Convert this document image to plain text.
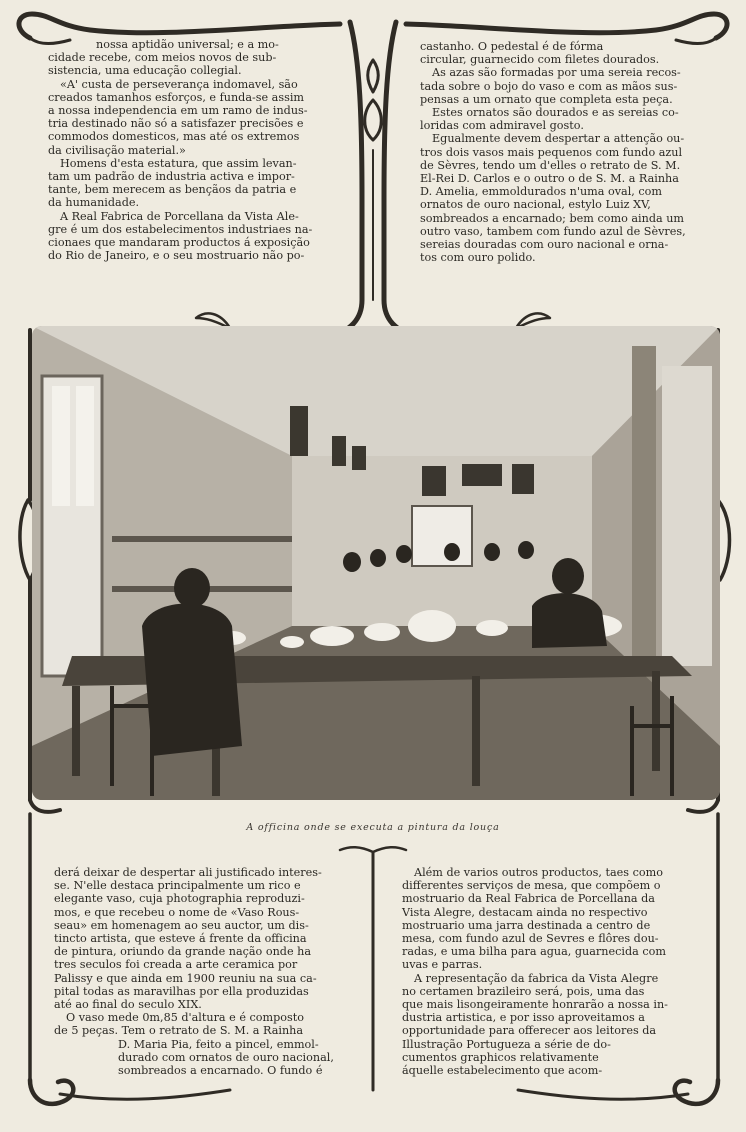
nossa aptidão universal; e a mo-
cidade recebe, com meios novos de sub-
sistencia, uma educação collegial.
«A' custa de perseverança indomavel, são
creados tamanhos esforços, e funda-se assim
a nossa independencia em um ramo de indus-
tria destinado não só a satisfazer precisões e
commodos domesticos, mas até os extremos
da civilisação material.»
Homens d'esta estatura, que assim levan-
tam um padrão de industria activa e impor-
tante, bem merecem as bençãos da patria e
da humanidade.
A Real Fabrica de Porcellana da Vista Ale-
gre é um dos estabelecimentos industriaes na-
cionaes que mandaram productos á exposição
do Rio de Janeiro, e o seu mostruario não po-
castanho. O pedestal é de fórma
circular, guarnecido com filetes dourados.
As azas são formadas por uma sereia recos-
tada sobre o bojo do vaso e com as mãos sus-
pensas a um ornato que completa esta peça.
Estes ornatos são dourados e as sereias co-
loridas com admiravel gosto.
Egualmente devem despertar a attenção ou-
tros dois vasos mais pequenos com fundo azul
de Sèvres, tendo um d'elles o retrato de S. M.
El-Rei D. Carlos e o outro o de S. M. a Rainha
D. Amelia, emmoldurados n'uma oval, com
ornatos de ouro nacional, estylo Luiz XV,
sombreados a encarnado; bem como ainda um
outro vaso, tambem com fundo azul de Sèvres,
sereias douradas com ouro nacional e orna-
tos com ouro polido.
A officina onde se executa a pintura da louça
derá deixar de despertar ali justificado interes-
se. N'elle destaca principalmente um rico e
elegante vaso, cuja photographia reproduzi-
mos, e que recebeu o nome de «Vaso Rous-
seau» em homenagem ao seu auctor, um dis-
tincto artista, que esteve á frente da officina
de pintura, oriundo da grande nação onde ha
tres seculos foi creada a arte ceramica por
Palissy e que ainda em 1900 reuniu na sua ca-
pital todas as maravilhas por ella produzidas
até ao final do seculo XIX.
O vaso mede 0m,85 d'altura e é composto
de 5 peças. Tem o retrato de S. M. a Rainha
D. Maria Pia, feito a pincel, emmol-
durado com ornatos de ouro nacional,
sombreados a encarnado. O fundo é
Além de varios outros productos, taes como
differentes serviços de mesa, que compõem o
mostruario da Real Fabrica de Porcellana da
Vista Alegre, destacam ainda no respectivo
mostruario uma jarra destinada a centro de
mesa, com fundo azul de Sevres e flôres dou-
radas, e uma bilha para agua, guarnecida com
uvas e parras.
A representação da fabrica da Vista Alegre
no certamen brazileiro será, pois, uma das
que mais lisongeiramente honrarão a nossa in-
dustria artistica, e por isso aproveitamos a
opportunidade para offerecer aos leitores da
Illustração Portugueza a série de do-
cumentos graphicos relativamente
áquelle estabelecimento que acom-
